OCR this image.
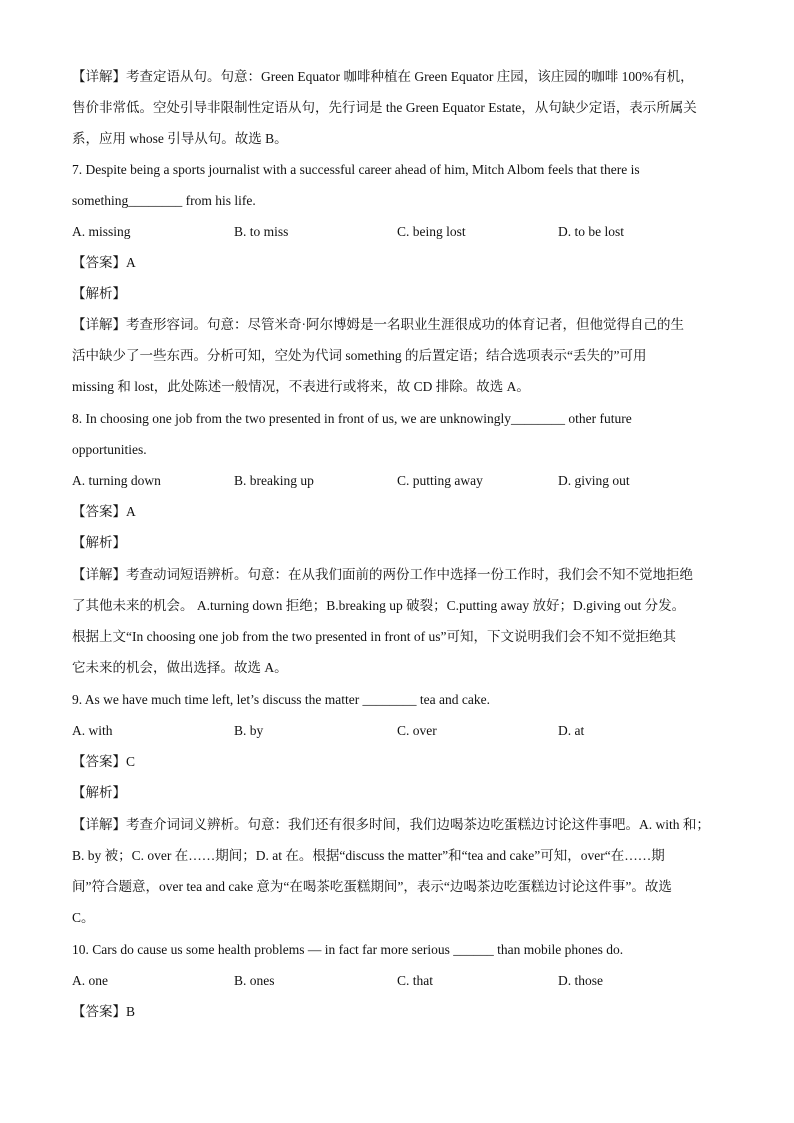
【详解】考查定语从句。句意：Green Equator 咖啡种植在 Green Equator 庄园，该庄园的咖啡 100%有机，
售价非常低。空处引导非限制性定语从句，先行词是 the Green Equator Estate，从句缺少定语，表示所属关
系，应用 whose 引导从句。故选 B。
7. Despite being a sports journalist with a successful career ahead of him, Mitch Albom feels that there is
something________ from his life.
A. missing	B. to miss	C. being lost	D. to be lost
【答案】A
【解析】
【详解】考查形容词。句意：尽管米奇·阿尔博姆是一名职业生涯很成功的体育记者，但他觉得自己的生
活中缺少了一些东西。分析可知，空处为代词 something 的后置定语；结合选项表示“丢失的”可用
missing 和 lost，此处陈述一般情况，不表进行或将来，故 CD 排除。故选 A。
8. In choosing one job from the two presented in front of us, we are unknowingly________ other future
opportunities.
A. turning down	B. breaking up	C. putting away	D. giving out
【答案】A
【解析】
【详解】考查动词短语辨析。句意：在从我们面前的两份工作中选择一份工作时，我们会不知不觉地拒绝
了其他未来的机会。 A.turning down 拒绝；B.breaking up 破裂；C.putting away 放好；D.giving out 分发。
根据上文“In choosing one job from the two presented in front of us”可知，下文说明我们会不知不觉拒绝其
它未来的机会，做出选择。故选 A。
9. As we have much time left, let’s discuss the matter ________ tea and cake.
A. with	B. by	C. over	D. at
【答案】C
【解析】
【详解】考查介词词义辨析。句意：我们还有很多时间，我们边喝茶边吃蛋糕边讨论这件事吧。A. with 和；
B. by 被；C. over 在……期间；D. at 在。根据“discuss the matter”和“tea and cake”可知，over“在……期
间”符合题意，over tea and cake 意为“在喝茶吃蛋糕期间”，表示“边喝茶边吃蛋糕边讨论这件事”。故选
C。
10. Cars do cause us some health problems — in fact far more serious ______ than mobile phones do.
A. one	B. ones	C. that	D. those
【答案】B
